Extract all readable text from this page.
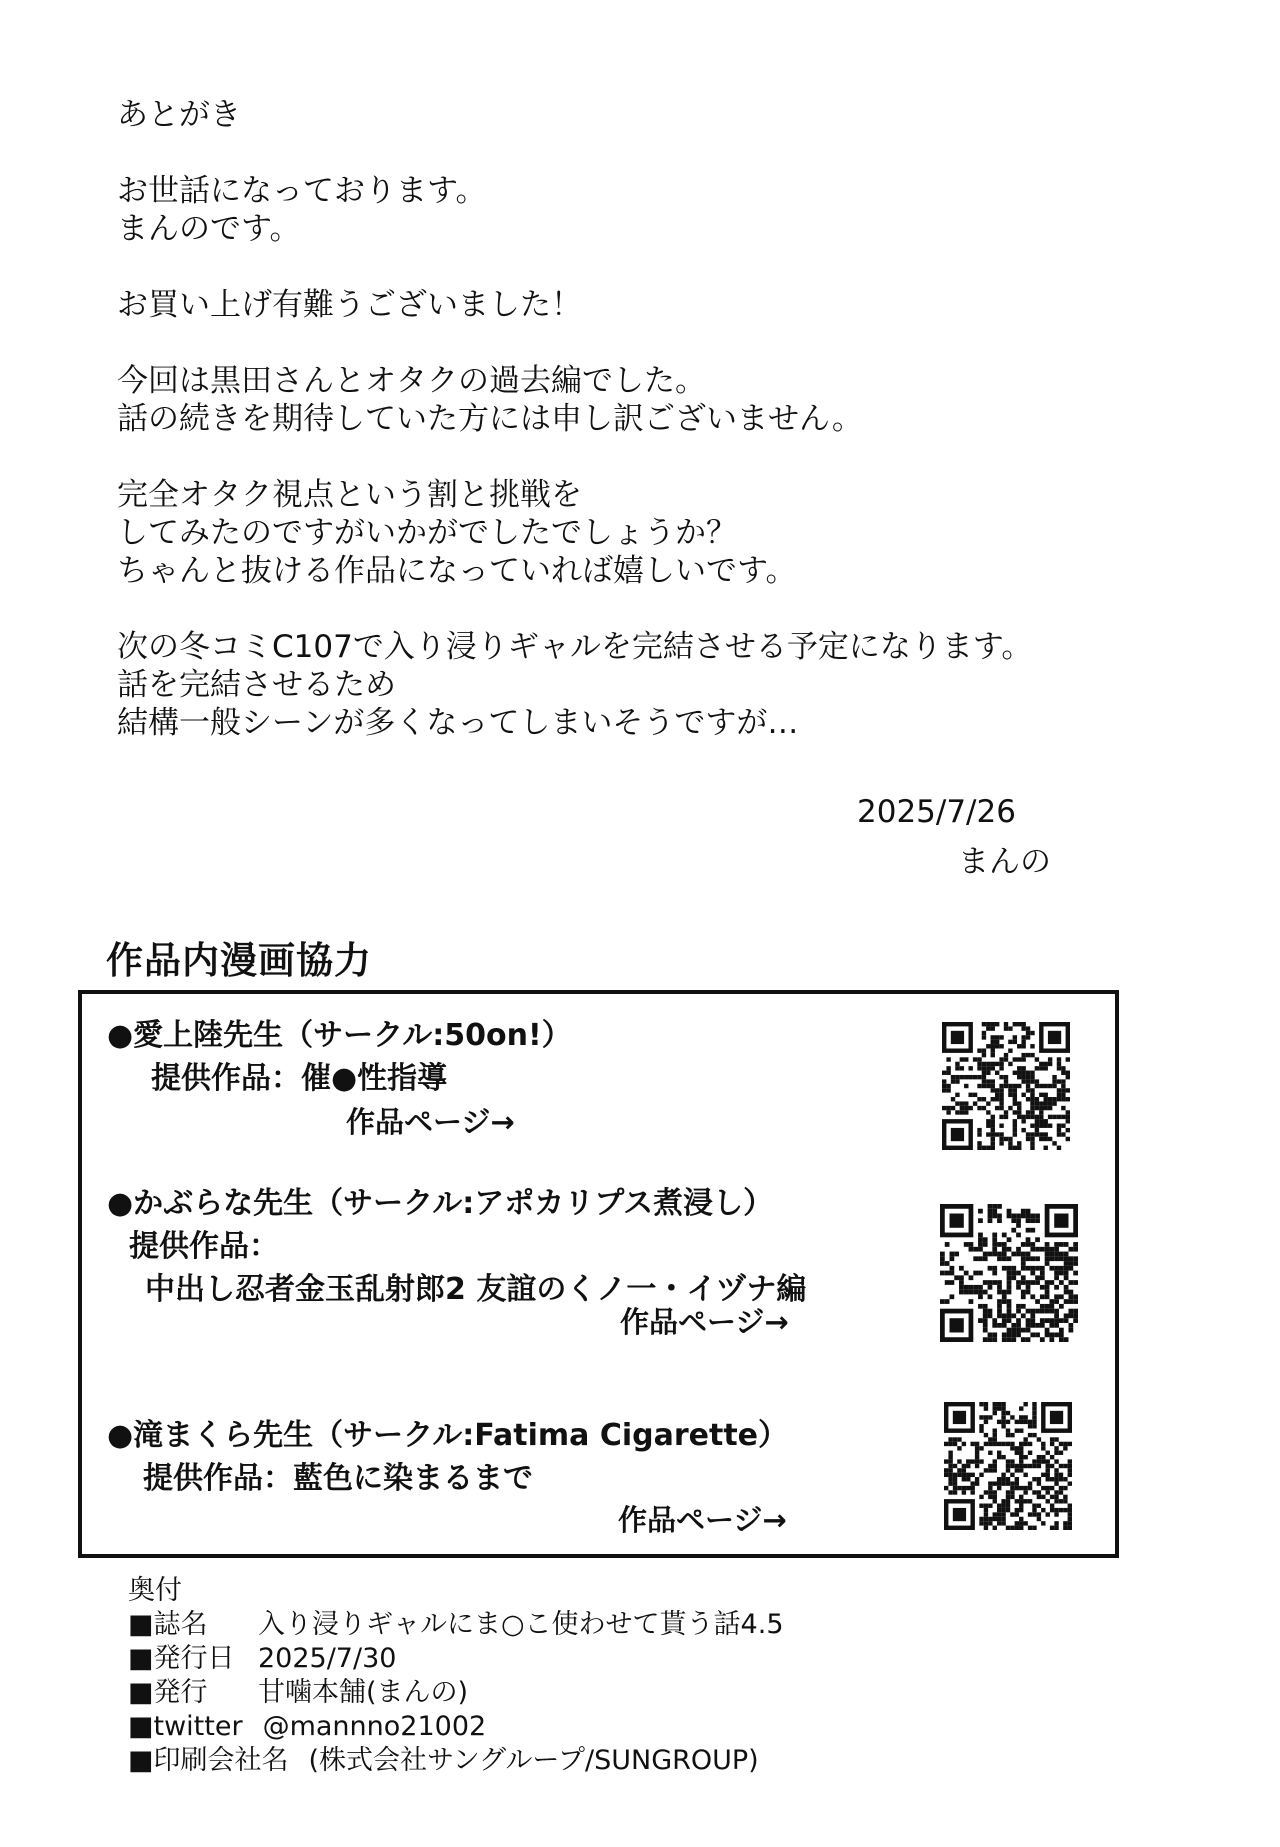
あとがき
お世話になっております。
まんのです。
お買い上げ有難うございました！
今回は黒田さんとオタクの過去編でした。
話の続きを期待していた方には申し訳ございません。
完全オタク視点という割と挑戦を
してみたのですがいかがでしたでしょうか？
ちゃんと抜ける作品になっていれば嬉しいです。
次の冬コミC107で入り浸りギャルを完結させる予定になります。
話を完結させるため
結構一般シーンが多くなってしまいそうですが…
2025/7/26
まんの
作品内漫画協力
●愛上陸先生（サークル:50on!）
提供作品：催●性指導
作品ページ→
●かぶらな先生（サークル:アポカリプス煮浸し）
提供作品：
中出し忍者金玉乱射郎2 友誼のくノ一・イヅナ編
作品ページ→
●滝まくら先生（サークル:Fatima Cigarette）
提供作品：藍色に染まるまで
作品ページ→
奥付
■誌名 入り浸りギャルにま○こ使わせて貰う話4.5
■発行日 2025/7/30
■発行 甘噛本舗(まんの)
■twitter @mannno21002
■印刷会社名 (株式会社サングループ/SUNGROUP)
